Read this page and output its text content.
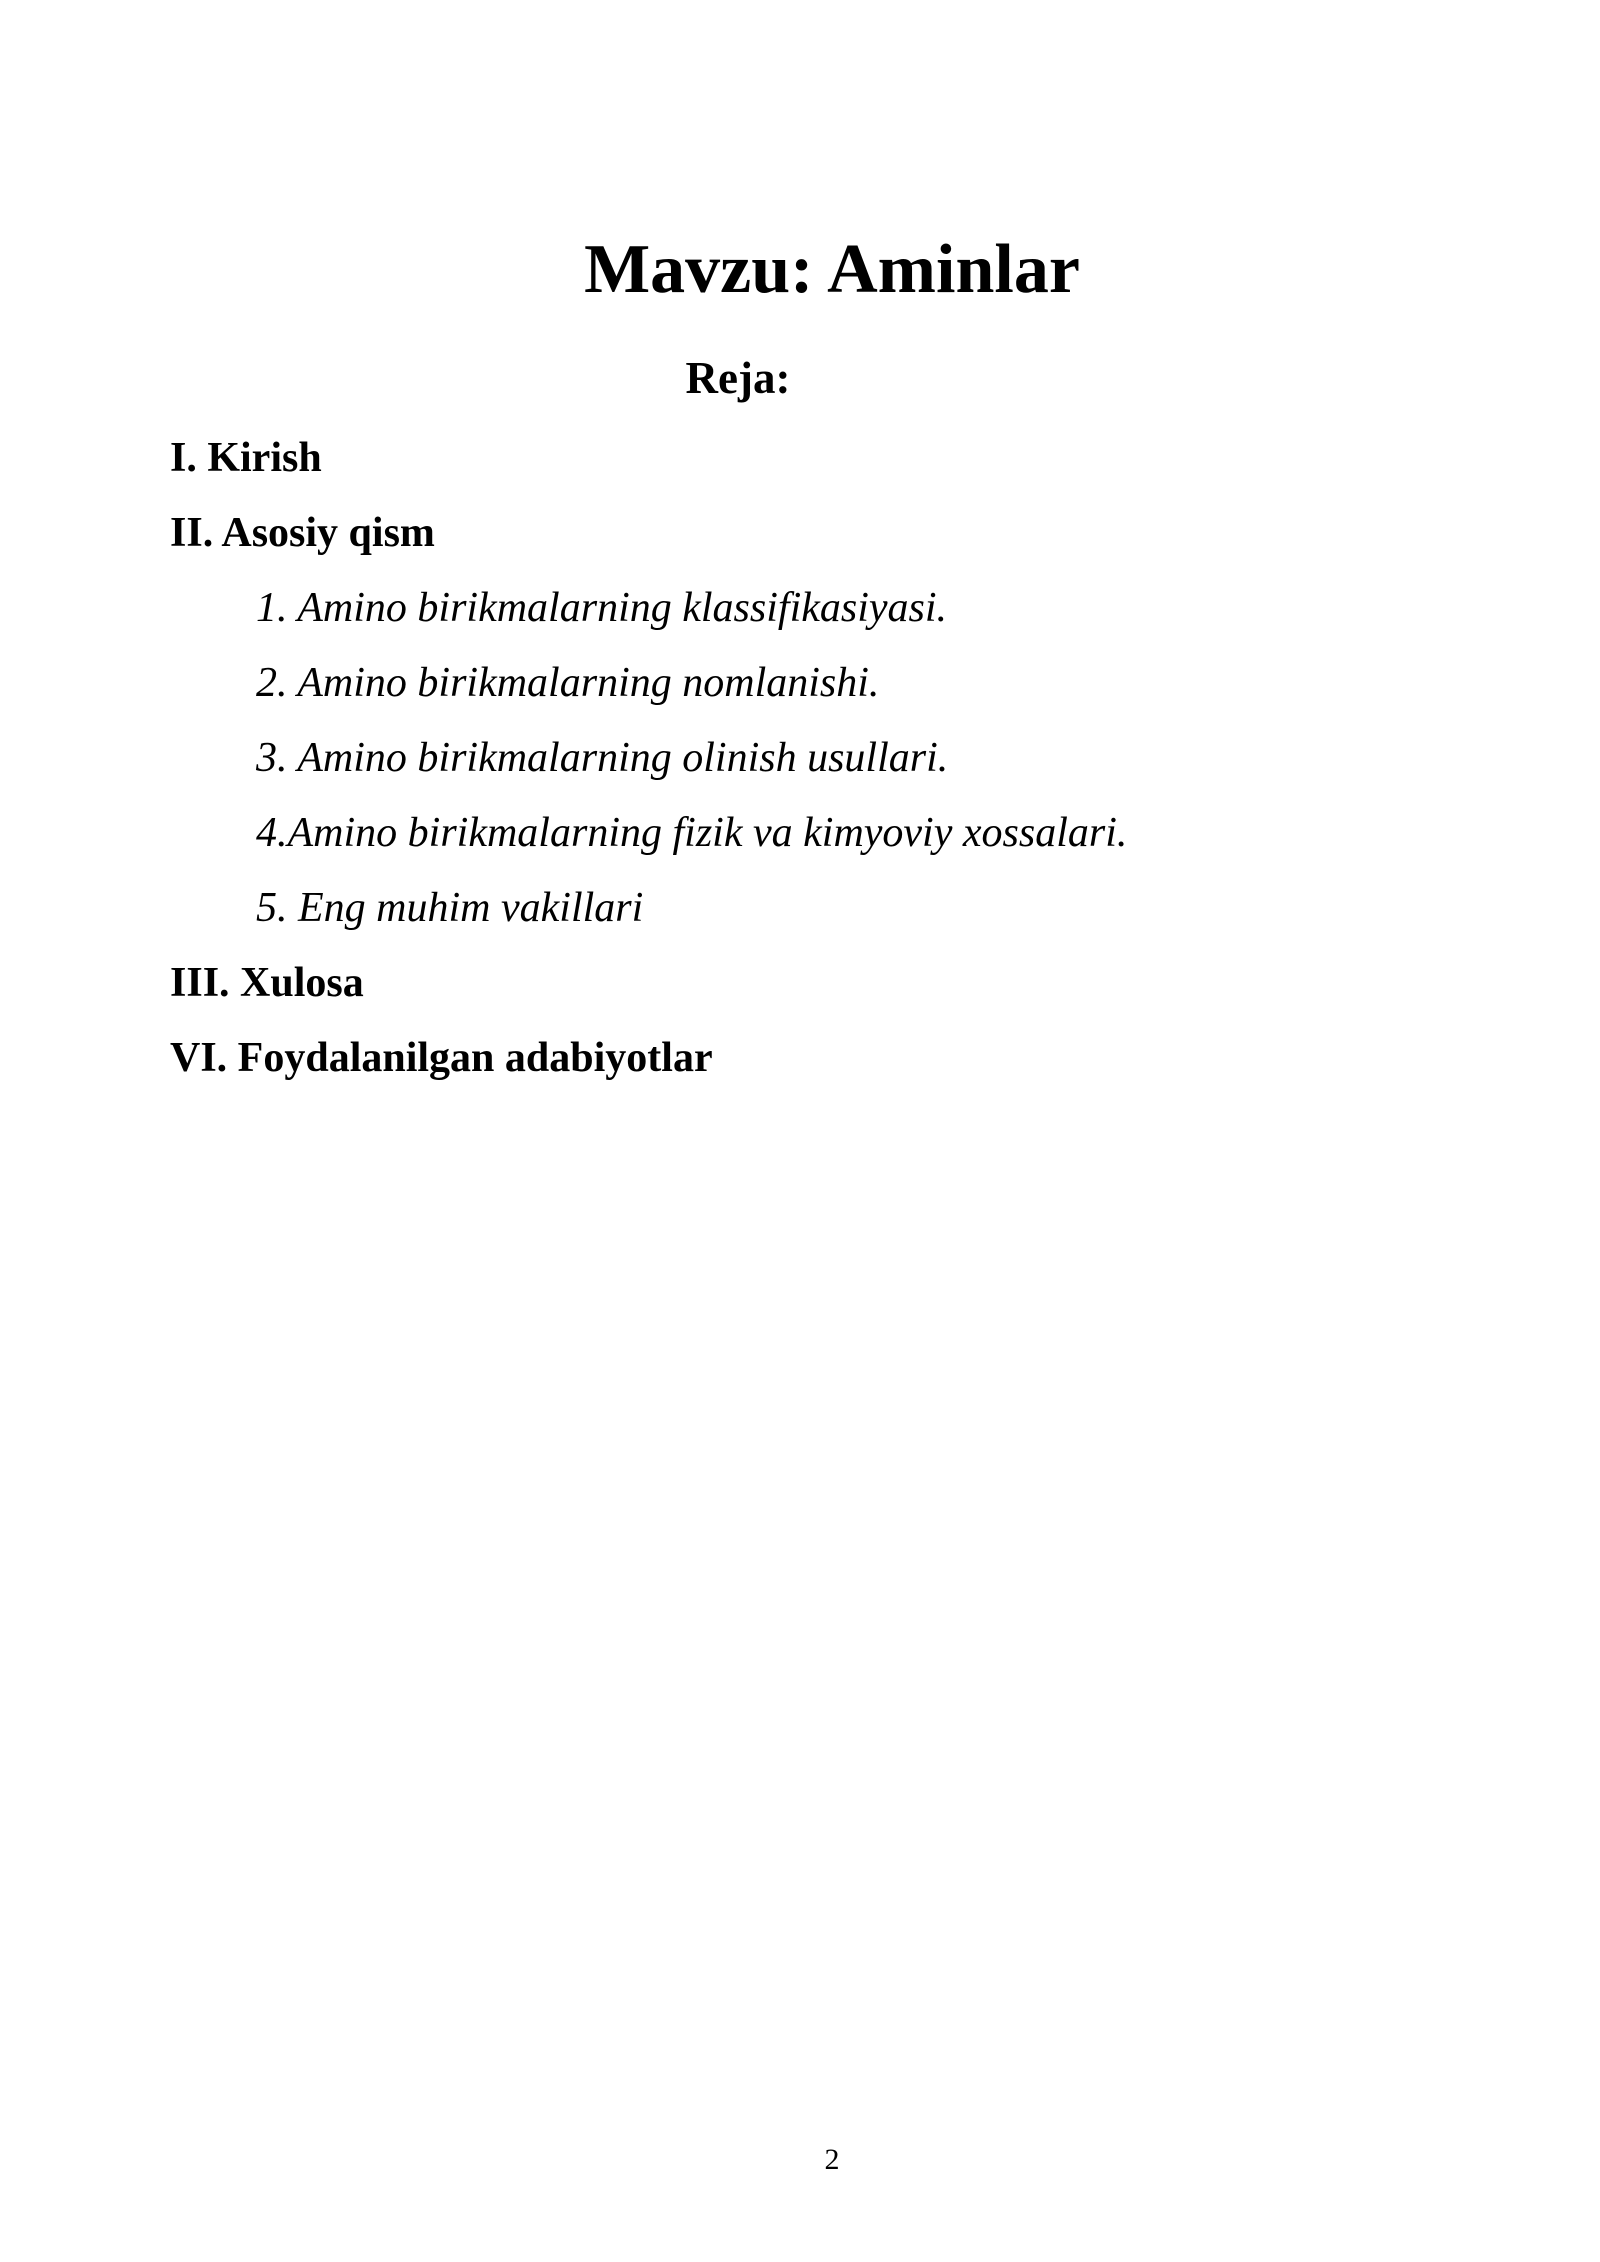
Mavzu: Aminlar
Reja:
I. Kirish
II. Asosiy qism
1. Amino birikmalarning klassifikasiyasi.
2. Amino birikmalarning nomlanishi.
3. Amino birikmalarning olinish usullari.
4.Amino birikmalarning fizik va kimyoviy xossalari.
5. Eng muhim vakillari
III. Xulosa
VI. Foydalanilgan adabiyotlar
2
